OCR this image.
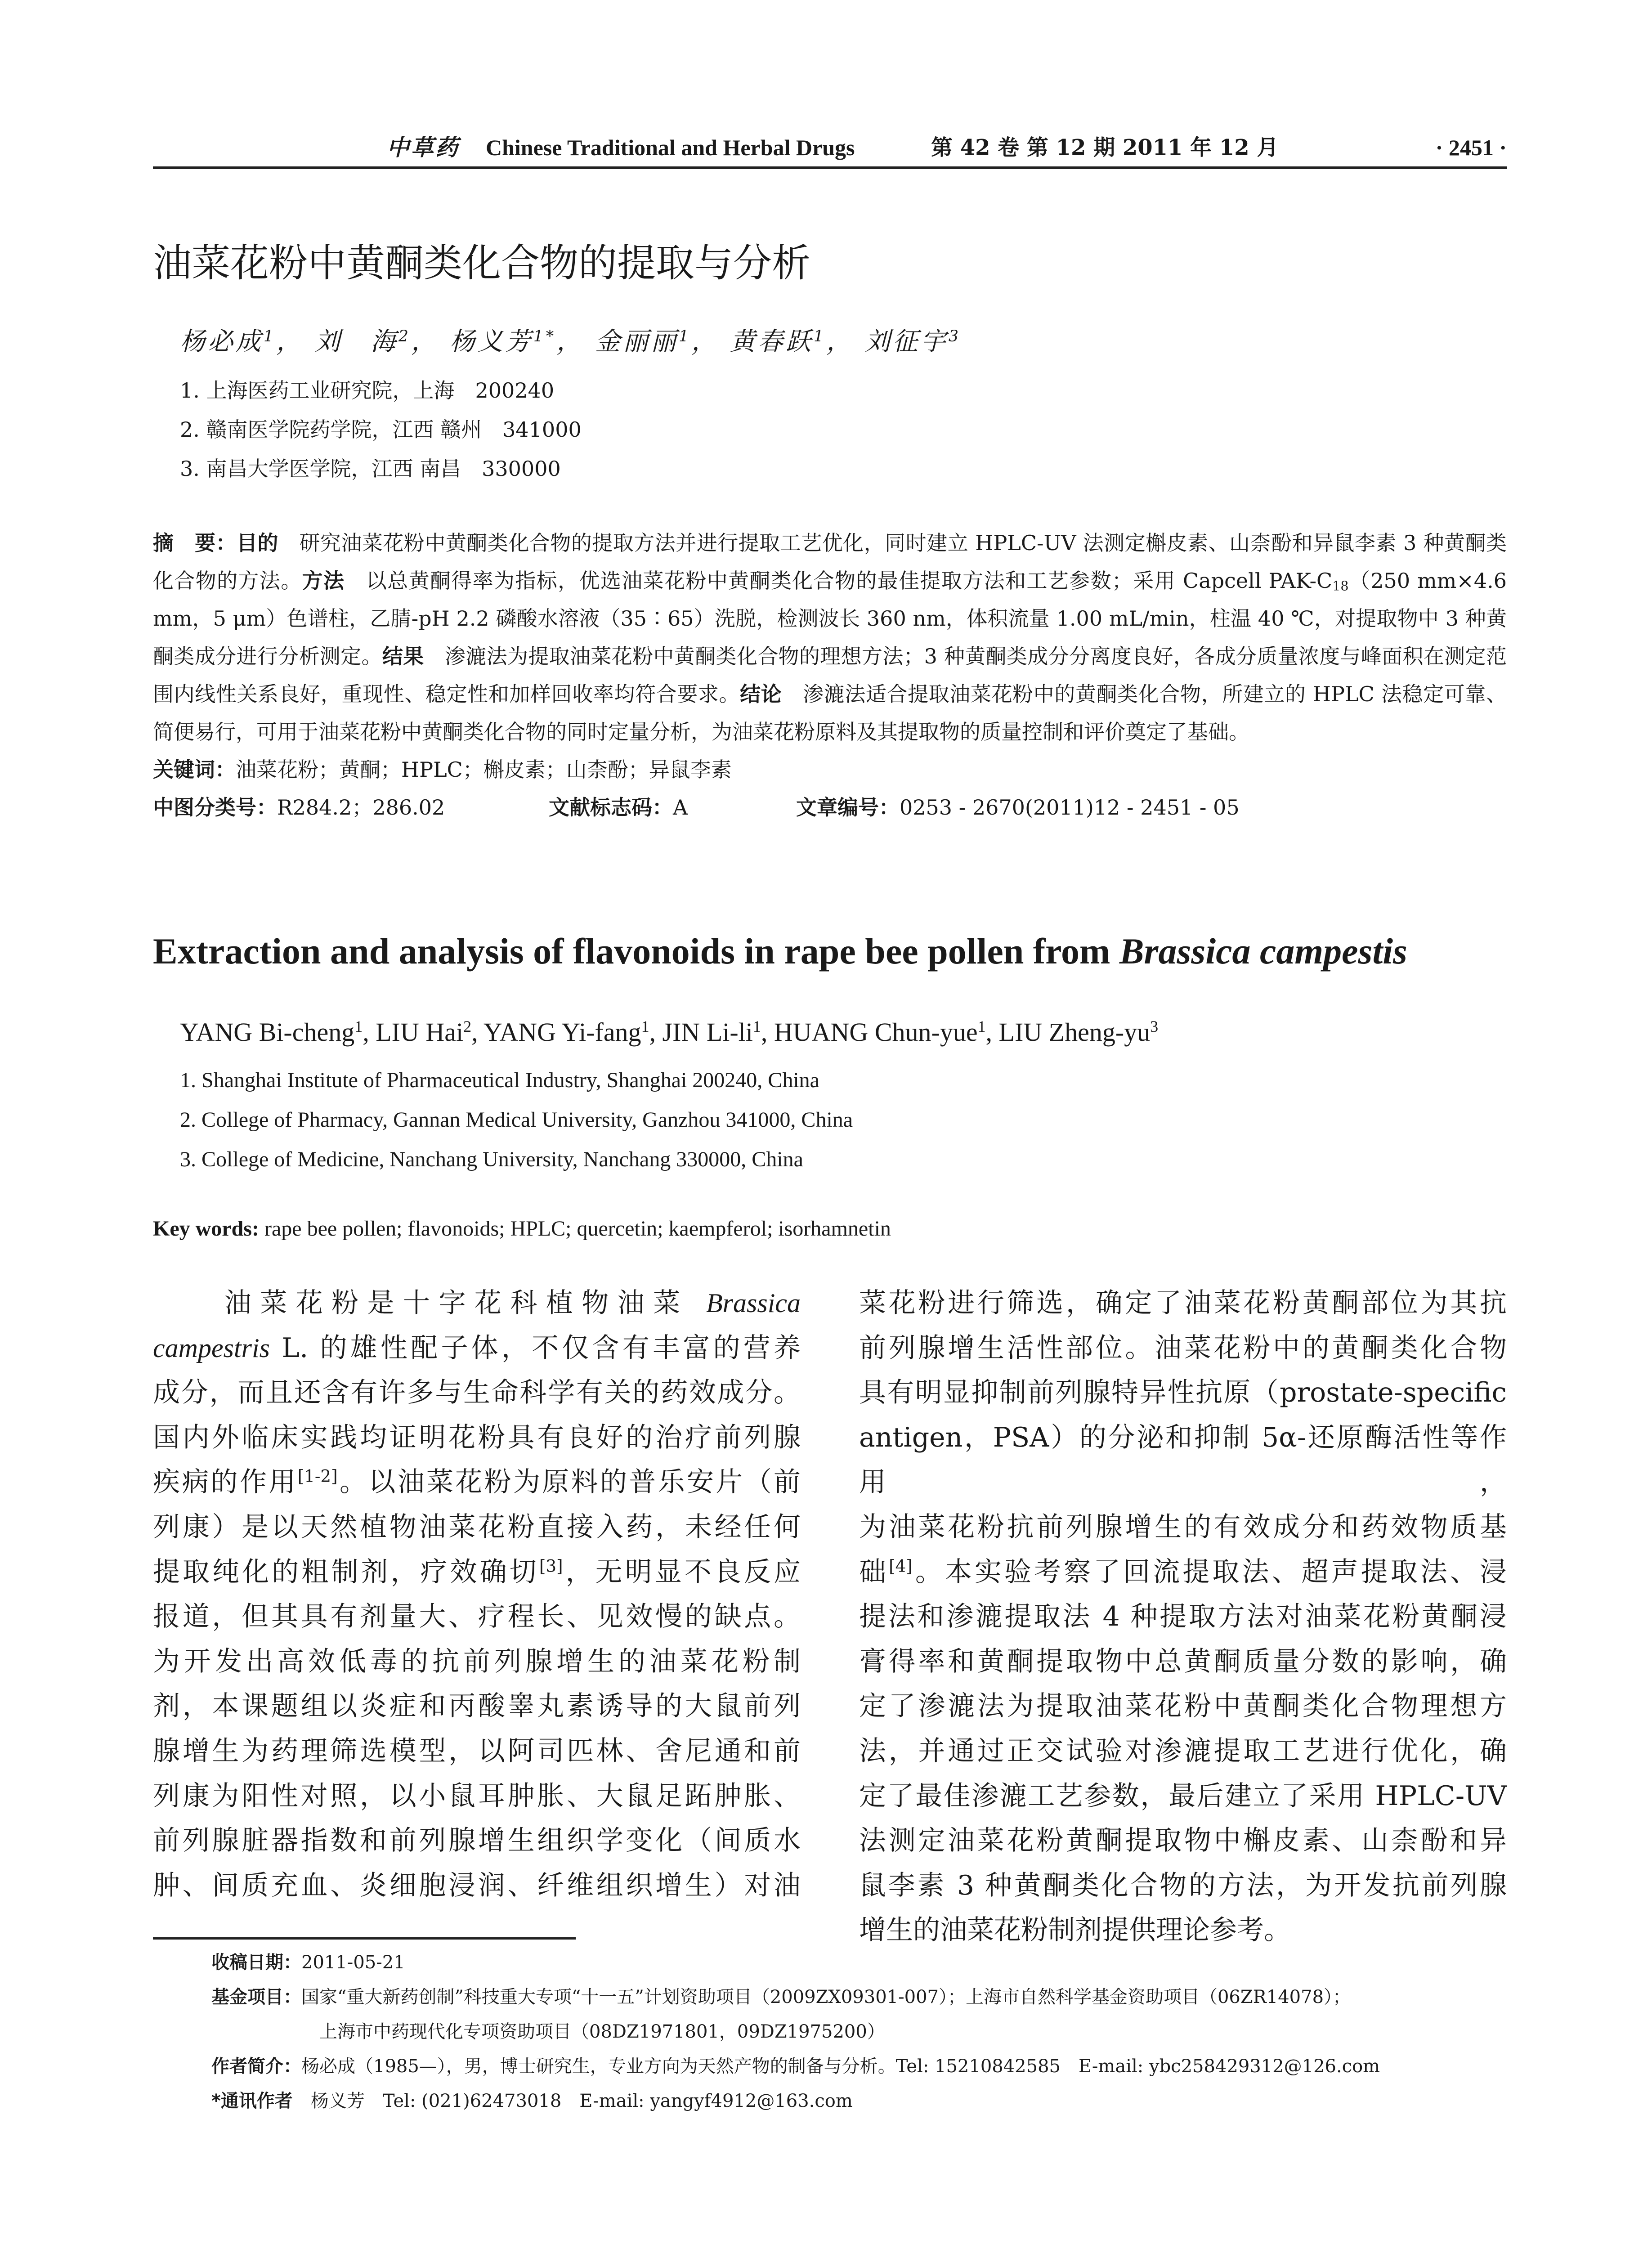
中草药 Chinese Traditional and Herbal Drugs	第 42 卷 第 12 期 2011 年 12 月	· 2451 ·
油菜花粉中黄酮类化合物的提取与分析
杨必成$^1$， 刘　海$^2$， 杨义芳$^{1*}$， 金丽丽$^1$， 黄春跃$^1$， 刘征宇$^3$
1. 上海医药工业研究院，上海　200240
2. 赣南医学院药学院，江西 赣州　341000
3. 南昌大学医学院，江西 南昌　330000
摘　要：目的　研究油菜花粉中黄酮类化合物的提取方法并进行提取工艺优化，同时建立 HPLC-UV 法测定槲皮素、山柰酚和异鼠李素 3 种黄酮类化合物的方法。方法　以总黄酮得率为指标，优选油菜花粉中黄酮类化合物的最佳提取方法和工艺参数；采用 Capcell PAK-$C_{18}(250$ mm×4.6 mm，5 μm）色谱柱，乙腈-pH 2.2 磷酸水溶液（35∶65）洗脱，检测波长 360 nm，体积流量 1.00 mL/min，柱温 40 ℃，对提取物中 3 种黄酮类成分进行分析测定。结果　渗漉法为提取油菜花粉中黄酮类化合物的理想方法；3 种黄酮类成分分离度良好，各成分质量浓度与峰面积在测定范围内线性关系良好，重现性、稳定性和加样回收率均符合要求。结论　渗漉法适合提取油菜花粉中的黄酮类化合物，所建立的 HPLC 法稳定可靠、简便易行，可用于油菜花粉中黄酮类化合物的同时定量分析，为油菜花粉原料及其提取物的质量控制和评价奠定了基础。
关键词：油菜花粉；黄酮；HPLC；槲皮素；山柰酚；异鼠李素
中图分类号：R284.2；286.02	文献标志码：A	文章编号：0253 - 2670(2011)12 - 2451 - 05
Extraction and analysis of flavonoids in rape bee pollen from Brassica campestis
YANG Bi-cheng$^1$, LIU Hai$^2$, YANG Yi-fang$^1$, JIN $Li-li^1$, HUANG Chun-yue$^1$, LIU Zheng-$yu^3$
1. Shanghai Institute of Pharmaceutical Industry, Shanghai 200240, China
2. College of Pharmacy, Gannan Medical University, Ganzhou 341000, China
3. College of Medicine, Nanchang University, Nanchang 330000, China
Key words: rape bee pollen; flavonoids; HPLC; quercetin; kaempferol; isorhamnetin
　　油菜花粉是十字花科植物油菜 Brassica
campestris L. 的雄性配子体，不仅含有丰富的营养
成分，而且还含有许多与生命科学有关的药效成分。
国内外临床实践均证明花粉具有良好的治疗前列腺
疾病的作用[1-2]。以油菜花粉为原料的普乐安片（前
列康）是以天然植物油菜花粉直接入药，未经任何
提取纯化的粗制剂，疗效确切[3]，无明显不良反应
报道，但其具有剂量大、疗程长、见效慢的缺点。
为开发出高效低毒的抗前列腺增生的油菜花粉制
剂，本课题组以炎症和丙酸睾丸素诱导的大鼠前列
腺增生为药理筛选模型，以阿司匹林、舍尼通和前
列康为阳性对照，以小鼠耳肿胀、大鼠足跖肿胀、
前列腺脏器指数和前列腺增生组织学变化（间质水
肿、间质充血、炎细胞浸润、纤维组织增生）对油
菜花粉进行筛选，确定了油菜花粉黄酮部位为其抗
前列腺增生活性部位。油菜花粉中的黄酮类化合物
具有明显抑制前列腺特异性抗原（prostate-specific
antigen，PSA）的分泌和抑制 5α-还原酶活性等作用，
为油菜花粉抗前列腺增生的有效成分和药效物质基
础[4]。本实验考察了回流提取法、超声提取法、浸
提法和渗漉提取法 4 种提取方法对油菜花粉黄酮浸
膏得率和黄酮提取物中总黄酮质量分数的影响，确
定了渗漉法为提取油菜花粉中黄酮类化合物理想方
法，并通过正交试验对渗漉提取工艺进行优化，确
定了最佳渗漉工艺参数，最后建立了采用 HPLC-UV
法测定油菜花粉黄酮提取物中槲皮素、山柰酚和异
鼠李素 3 种黄酮类化合物的方法，为开发抗前列腺
增生的油菜花粉制剂提供理论参考。
收稿日期：2011-05-21
基金项目：国家“重大新药创制”科技重大专项“十一五”计划资助项目（2009ZX09301-007）；上海市自然科学基金资助项目（06ZR14078）；
上海市中药现代化专项资助项目（08DZ1971801，09DZ1975200）
作者简介：杨必成（1985—），男，博士研究生，专业方向为天然产物的制备与分析。Tel: 15210842585　E-mail: ybc258429312@126.com
*通讯作者　杨义芳　Tel: (021)62473018　E-mail: yangyf4912@163.com
